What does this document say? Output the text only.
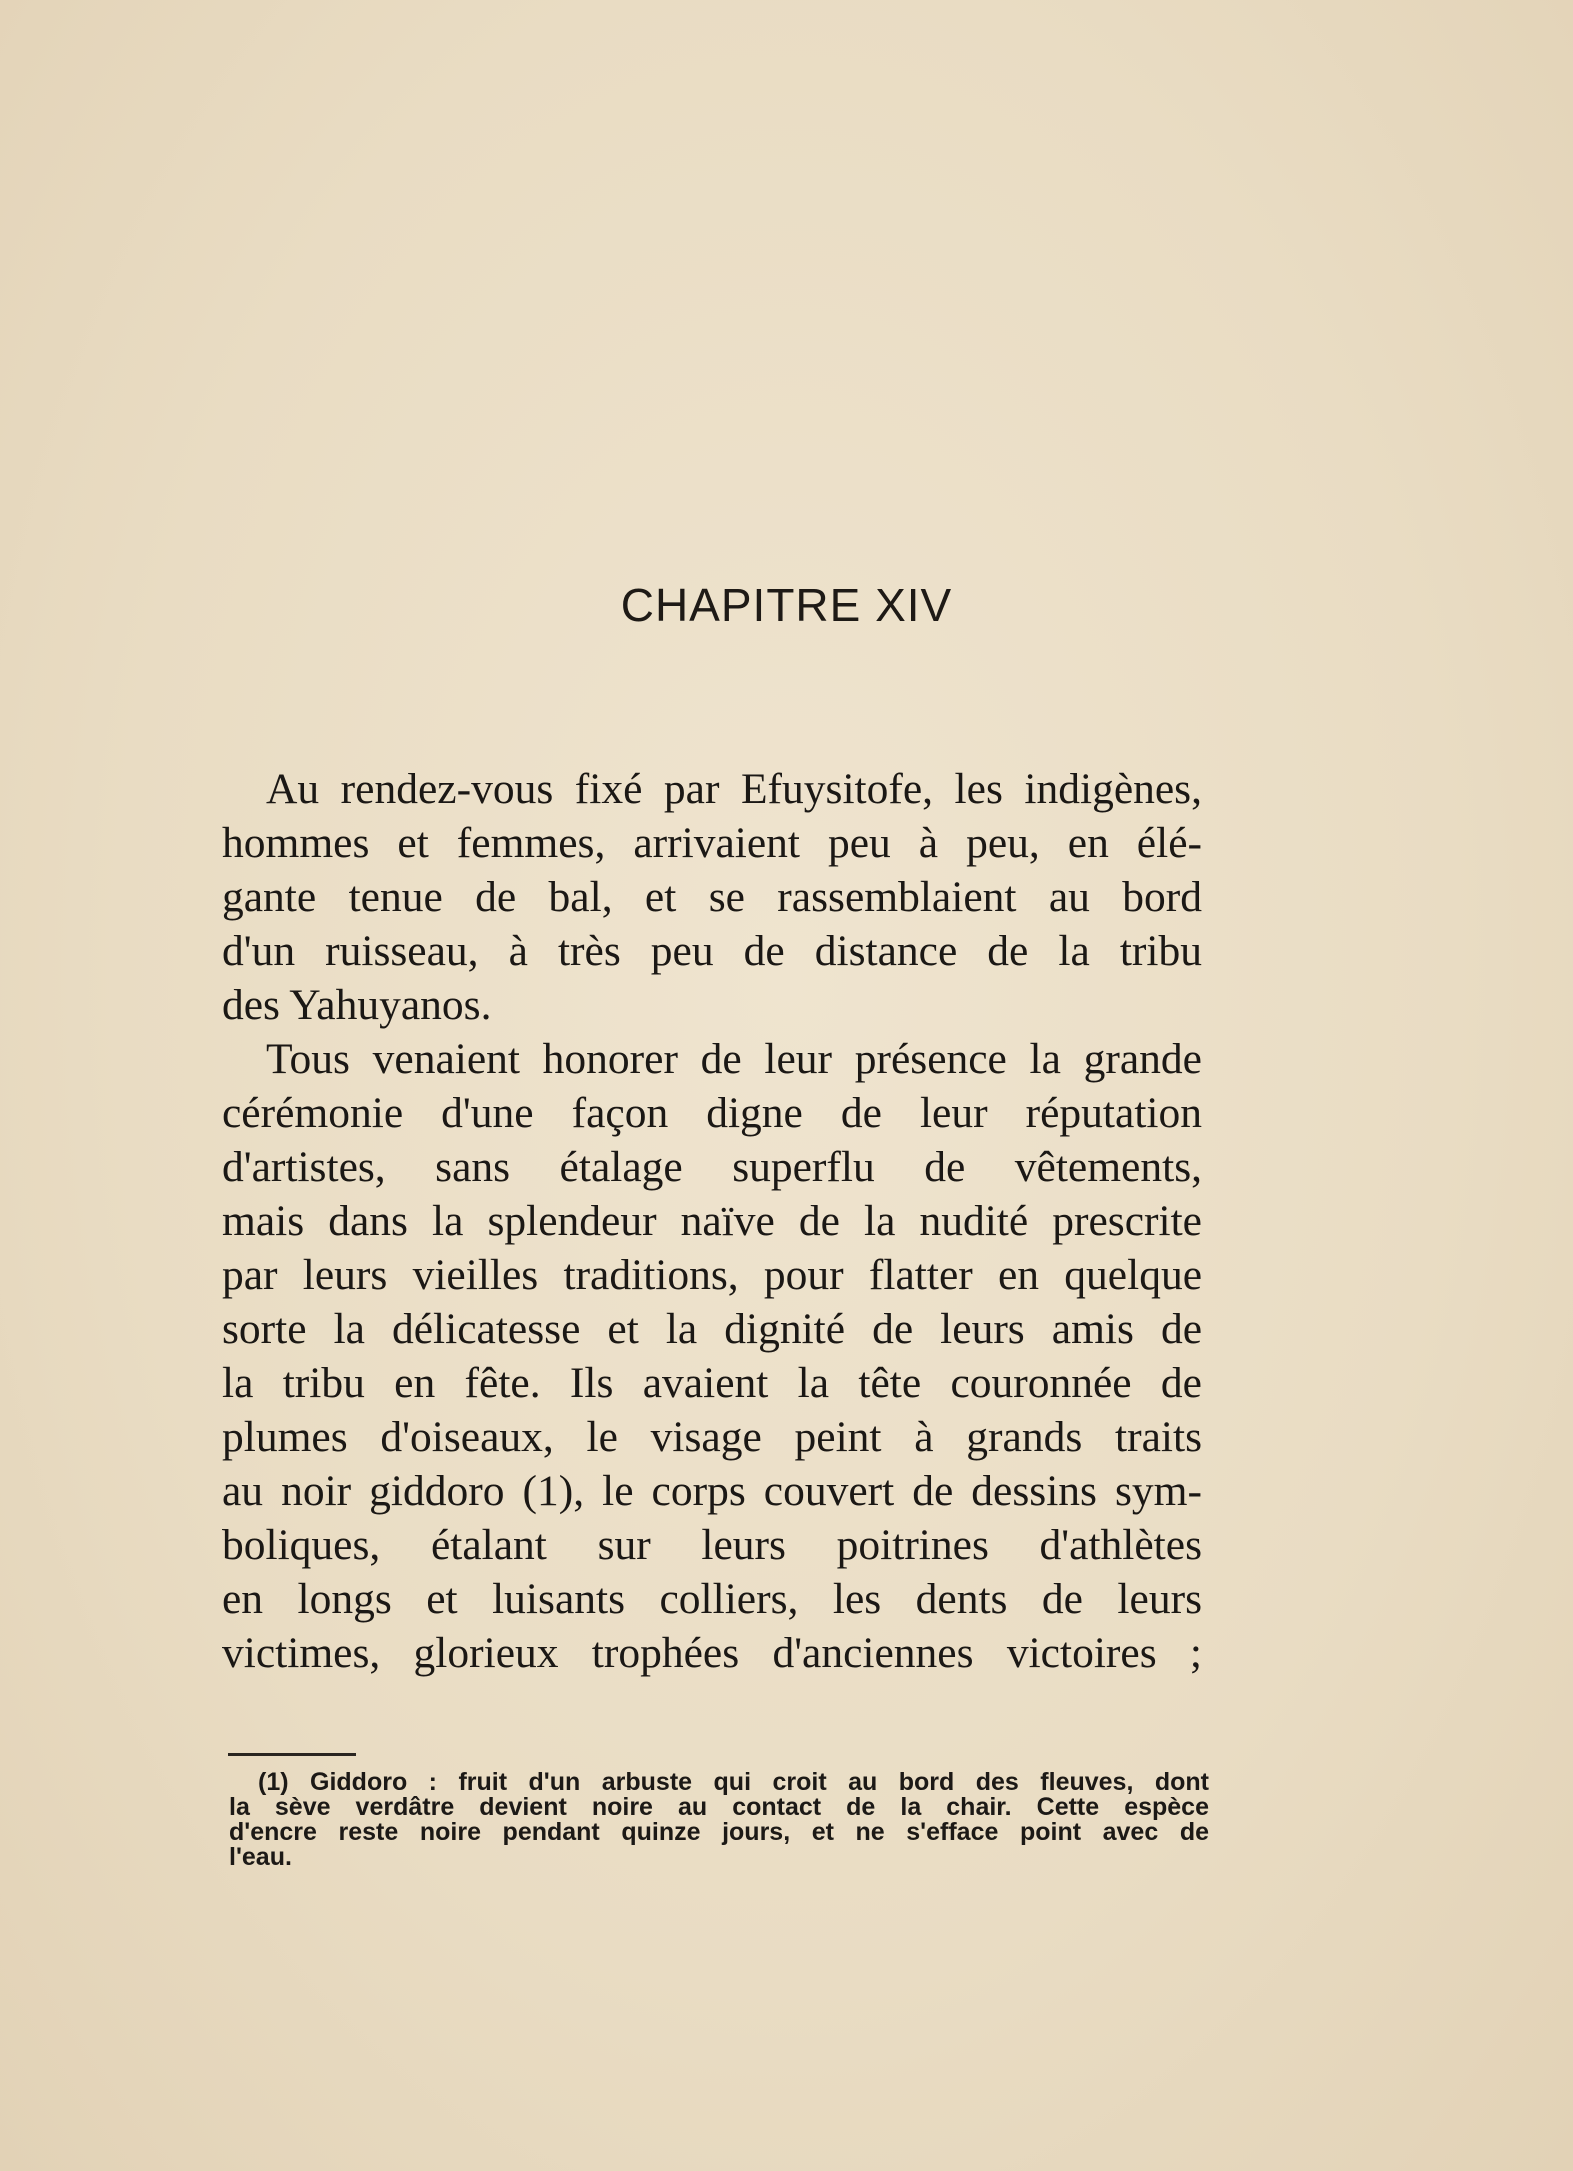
CHAPITRE XIV

Au rendez-vous fixé par Efuysitofe, les indigènes,
hommes et femmes, arrivaient peu à peu, en élé-
gante tenue de bal, et se rassemblaient au bord
d'un ruisseau, à très peu de distance de la tribu
des Yahuyanos.

Tous venaient honorer de leur présence la grande
cérémonie d'une façon digne de leur réputation
d'artistes, sans étalage superflu de vêtements,
mais dans la splendeur naïve de la nudité prescrite
par leurs vieilles traditions, pour flatter en quelque
sorte la délicatesse et la dignité de leurs amis de
la tribu en fête. Ils avaient la tête couronnée de
plumes d'oiseaux, le visage peint à grands traits
au noir giddoro (1), le corps couvert de dessins sym-
boliques, étalant sur leurs poitrines d'athlètes
en longs et luisants colliers, les dents de leurs
victimes, glorieux trophées d'anciennes victoires ;

(1) Giddoro : fruit d'un arbuste qui croit au bord des fleuves, dont
la sève verdâtre devient noire au contact de la chair. Cette espèce
d'encre reste noire pendant quinze jours, et ne s'efface point avec de
l'eau.
